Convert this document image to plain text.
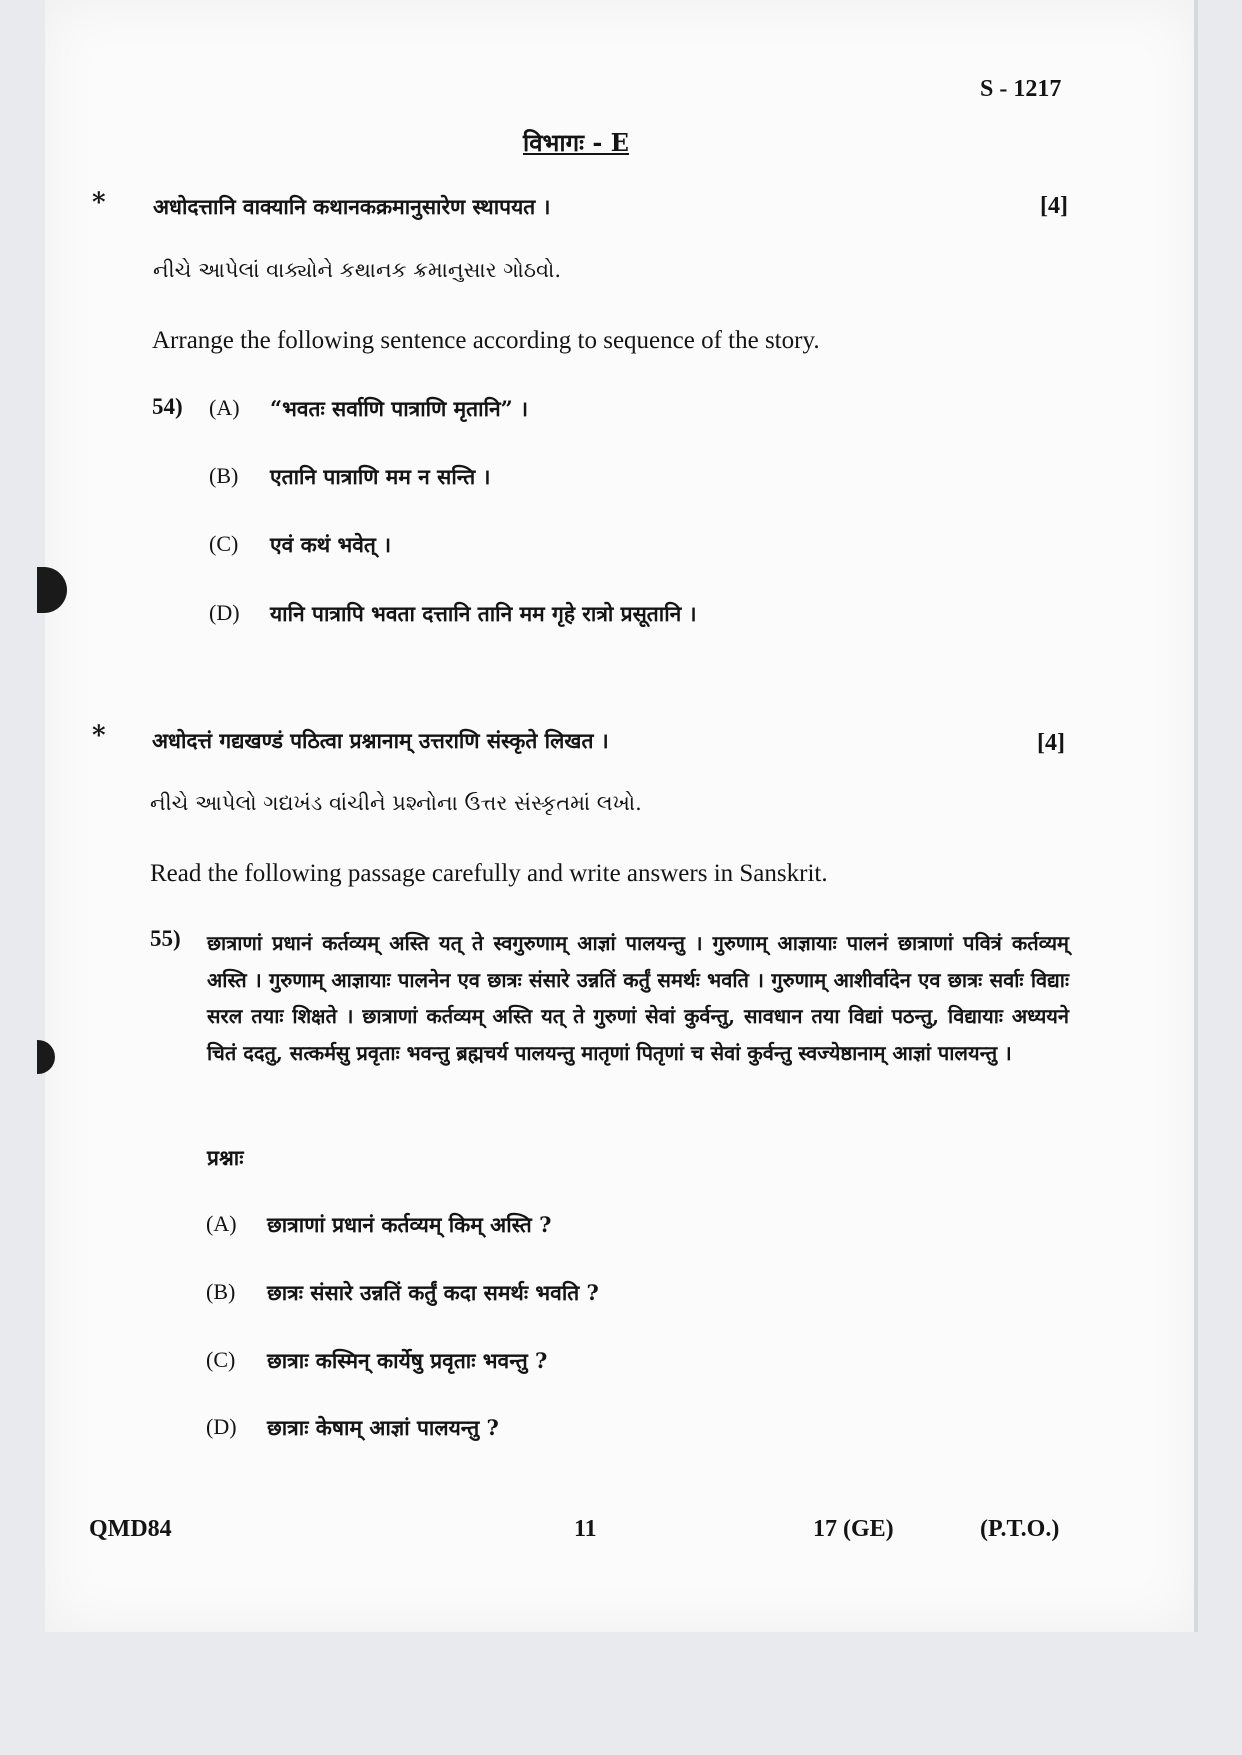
S - 1217
विभागः - E
* अधोदत्तानि वाक्यानि कथानकक्रमानुसारेण स्थापयत ।	[4]
નીચે આપેલાં વાક્યોને કથાનક ક્રમાનુસાર ગોઠવો.
Arrange the following sentence according to sequence of the story.
54) (A) “भवतः सर्वाणि पात्राणि मृतानि” ।
(B) एतानि पात्राणि मम न सन्ति ।
(C) एवं कथं भवेत् ।
(D) यानि पात्रापि भवता दत्तानि तानि मम गृहे रात्रो प्रसूतानि ।
* अधोदत्तं गद्यखण्डं पठित्वा प्रश्नानाम् उत्तराणि संस्कृते लिखत ।	[4]
નીચે આપેલો ગદ્યખંડ વાંચીને પ્રશ્નોના ઉત્તર સંસ્કૃતમાં લખો.
Read the following passage carefully and write answers in Sanskrit.
55) छात्राणां प्रधानं कर्तव्यम् अस्ति यत् ते स्वगुरुणाम् आज्ञां पालयन्तु । गुरुणाम् आज्ञायाः पालनं छात्राणां पवित्रं कर्तव्यम् अस्ति । गुरुणाम् आज्ञायाः पालनेन एव छात्रः संसारे उन्नतिं कर्तुं समर्थः भवति । गुरुणाम् आशीर्वादेन एव छात्रः सर्वाः विद्याः सरल तयाः शिक्षते । छात्राणां कर्तव्यम् अस्ति यत् ते गुरुणां सेवां कुर्वन्तु, सावधान तया विद्यां पठन्तु, विद्यायाः अध्ययने चितं ददतु, सत्कर्मसु प्रवृताः भवन्तु ब्रह्मचर्य पालयन्तु मातृणां पितृणां च सेवां कुर्वन्तु स्वज्येष्ठानाम् आज्ञां पालयन्तु ।
प्रश्नाः
(A) छात्राणां प्रधानं कर्तव्यम् किम् अस्ति ?
(B) छात्रः संसारे उन्नतिं कर्तुं कदा समर्थः भवति ?
(C) छात्राः कस्मिन् कार्येषु प्रवृताः भवन्तु ?
(D) छात्राः केषाम् आज्ञां पालयन्तु ?
QMD84	11	17 (GE)	(P.T.O.)
